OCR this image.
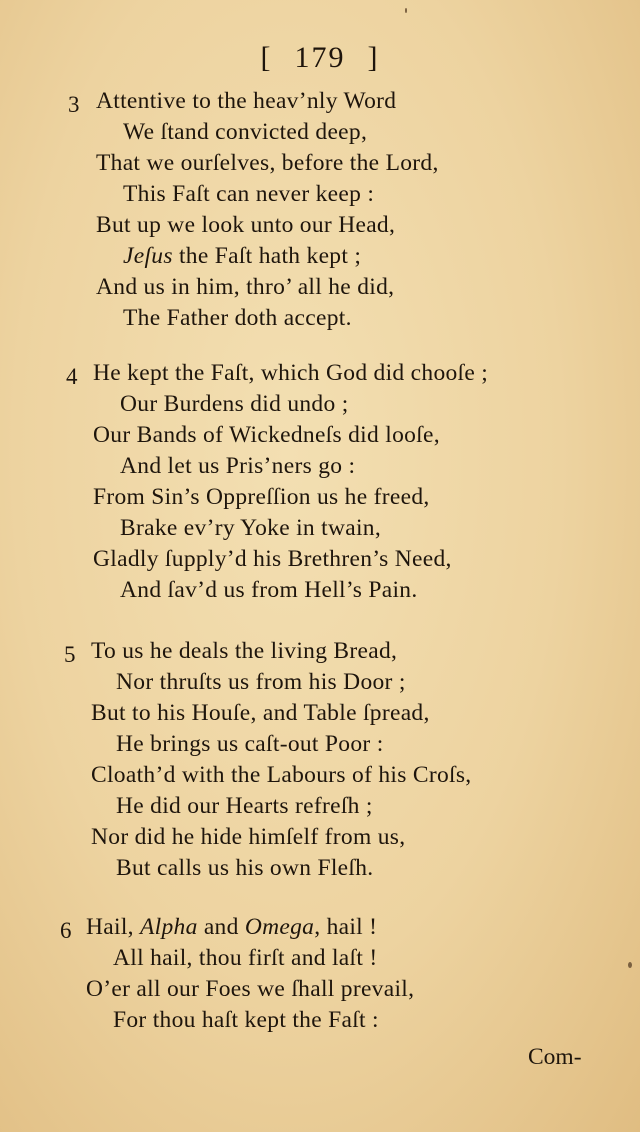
[ 179 ]
3 Attentive to the heav’nly Word
We ſtand convicted deep,
That we ourſelves, before the Lord,
This Faſt can never keep :
But up we look unto our Head,
Jeſus the Faſt hath kept ;
And us in him, thro’ all he did,
The Father doth accept.
4 He kept the Faſt, which God did chooſe ;
Our Burdens did undo ;
Our Bands of Wickedneſs did looſe,
And let us Pris’ners go :
From Sin’s Oppreſſion us he freed,
Brake ev’ry Yoke in twain,
Gladly ſupply’d his Brethren’s Need,
And ſav’d us from Hell’s Pain.
5 To us he deals the living Bread,
Nor thruſts us from his Door ;
But to his Houſe, and Table ſpread,
He brings us caſt-out Poor :
Cloath’d with the Labours of his Croſs,
He did our Hearts refreſh ;
Nor did he hide himſelf from us,
But calls us his own Fleſh.
6 Hail, Alpha and Omega, hail !
All hail, thou firſt and laſt !
O’er all our Foes we ſhall prevail,
For thou haſt kept the Faſt :
Com-
